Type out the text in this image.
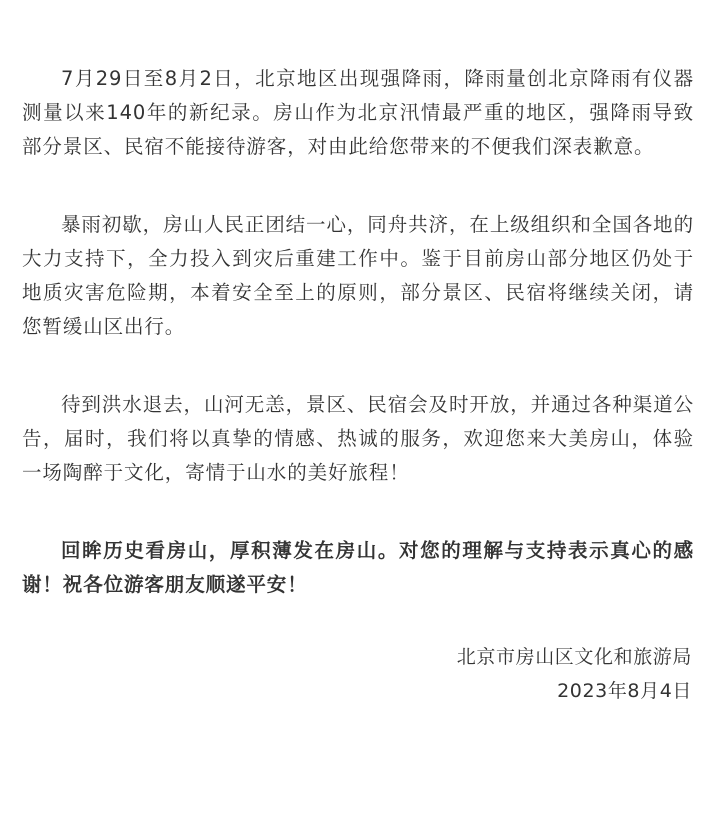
7月29日至8月2日，北京地区出现强降雨，降雨量创北京降雨有仪器测量以来140年的新纪录。房山作为北京汛情最严重的地区，强降雨导致部分景区、民宿不能接待游客，对由此给您带来的不便我们深表歉意。

暴雨初歇，房山人民正团结一心，同舟共济，在上级组织和全国各地的大力支持下，全力投入到灾后重建工作中。鉴于目前房山部分地区仍处于地质灾害危险期，本着安全至上的原则，部分景区、民宿将继续关闭，请您暂缓山区出行。

待到洪水退去，山河无恙，景区、民宿会及时开放，并通过各种渠道公告，届时，我们将以真挚的情感、热诚的服务，欢迎您来大美房山，体验一场陶醉于文化，寄情于山水的美好旅程！

回眸历史看房山，厚积薄发在房山。对您的理解与支持表示真心的感谢！祝各位游客朋友顺遂平安！

北京市房山区文化和旅游局
2023年8月4日
